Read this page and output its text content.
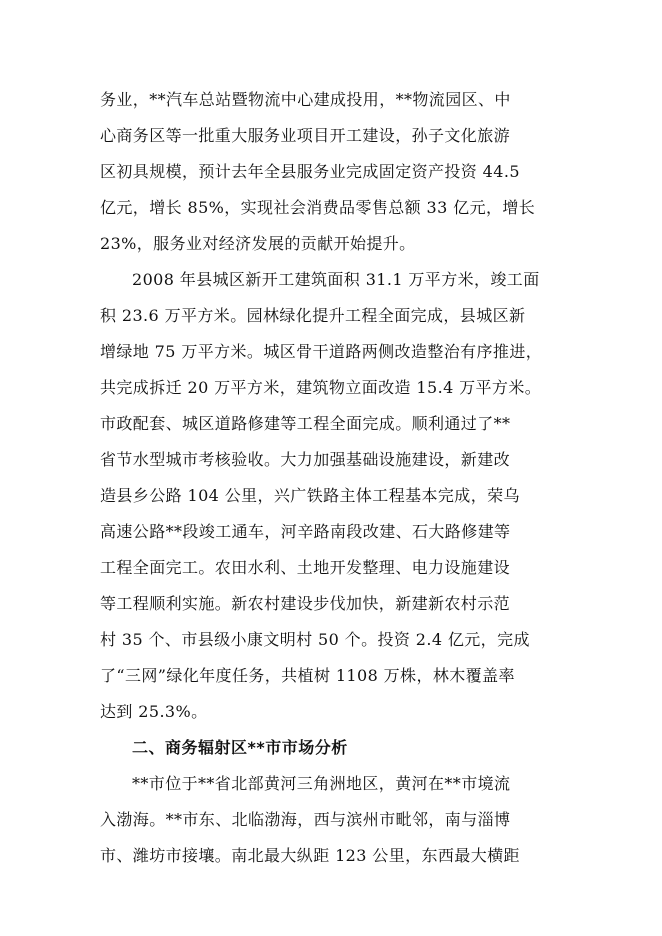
务业，**汽车总站暨物流中心建成投用，**物流园区、中
心商务区等一批重大服务业项目开工建设，孙子文化旅游
区初具规模，预计去年全县服务业完成固定资产投资 44.5
亿元，增长 85%，实现社会消费品零售总额 33 亿元，增长
23%，服务业对经济发展的贡献开始提升。
2008 年县城区新开工建筑面积 31.1 万平方米，竣工面
积 23.6 万平方米。园林绿化提升工程全面完成，县城区新
增绿地 75 万平方米。城区骨干道路两侧改造整治有序推进，
共完成拆迁 20 万平方米，建筑物立面改造 15.4 万平方米。
市政配套、城区道路修建等工程全面完成。顺利通过了**
省节水型城市考核验收。大力加强基础设施建设，新建改
造县乡公路 104 公里，兴广铁路主体工程基本完成，荣乌
高速公路**段竣工通车，河辛路南段改建、石大路修建等
工程全面完工。农田水利、土地开发整理、电力设施建设
等工程顺利实施。新农村建设步伐加快，新建新农村示范
村 35 个、市县级小康文明村 50 个。投资 2.4 亿元，完成
了“三网”绿化年度任务，共植树 1108 万株，林木覆盖率
达到 25.3%。
二、商务辐射区**市市场分析
**市位于**省北部黄河三角洲地区，黄河在**市境流
入渤海。**市东、北临渤海，西与滨州市毗邻，南与淄博
市、潍坊市接壤。南北最大纵距 123 公里，东西最大横距
